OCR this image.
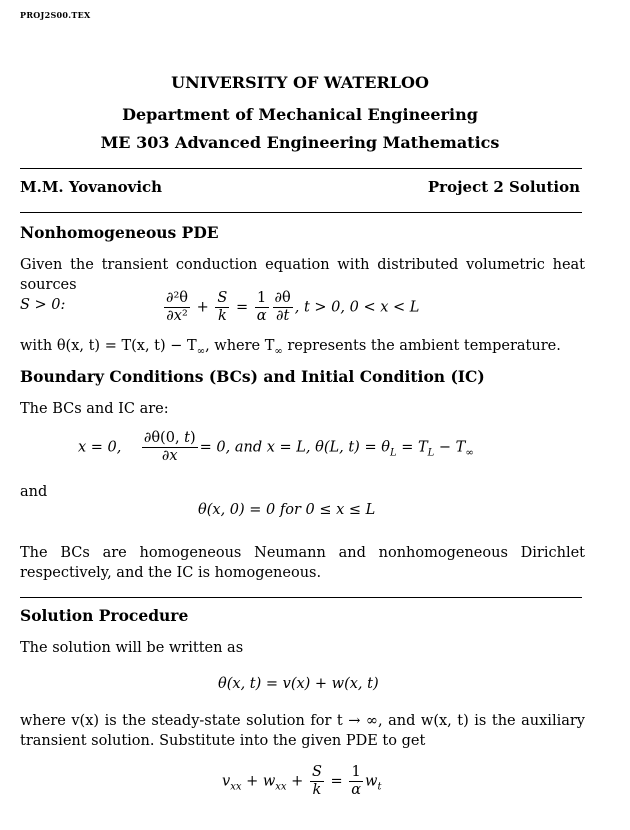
PROJ2S00.TEX
UNIVERSITY OF WATERLOO
Department of Mechanical Engineering
ME 303 Advanced Engineering Mathematics
M.M. Yovanovich	Project 2 Solution
Nonhomogeneous PDE
Given the transient conduction equation with distributed volumetric heat sources
S > 0:	$\frac{\text{∂²θ}}{\text{∂x²}} + \frac{S}{k} = \frac{1}{\alpha} \frac{\partial\theta}{\partial t}$ , t > 0, 0 < x < L
with θ(x, t) = T(x, $t) - T_\infty$, where $T_\infty$ represents the ambient temperature.
Boundary Conditions (BCs) and Initial Condition (IC)
The BCs and IC are:
x = 0, $\frac{\partial\theta(0, t)}{\partial x} = 0$, and x = L, θ(L, $t) = \theta_L = T_L - T_\infty$
and
θ(x, 0) = 0 for 0 ≤ x ≤ L
The BCs are homogeneous Neumann and nonhomogeneous Dirichlet respectively, and the IC is homogeneous.
Solution Procedure
The solution will be written as
θ(x, t) = v(x) + w(x, t)
where v(x) is the steady-state solution for t → ∞, and w(x, t) is the auxiliary transient solution. Substitute into the given PDE to get
$v_{xx} + w_{xx} + \frac{S}{k} = \frac{1}{\alpha} w_t$
